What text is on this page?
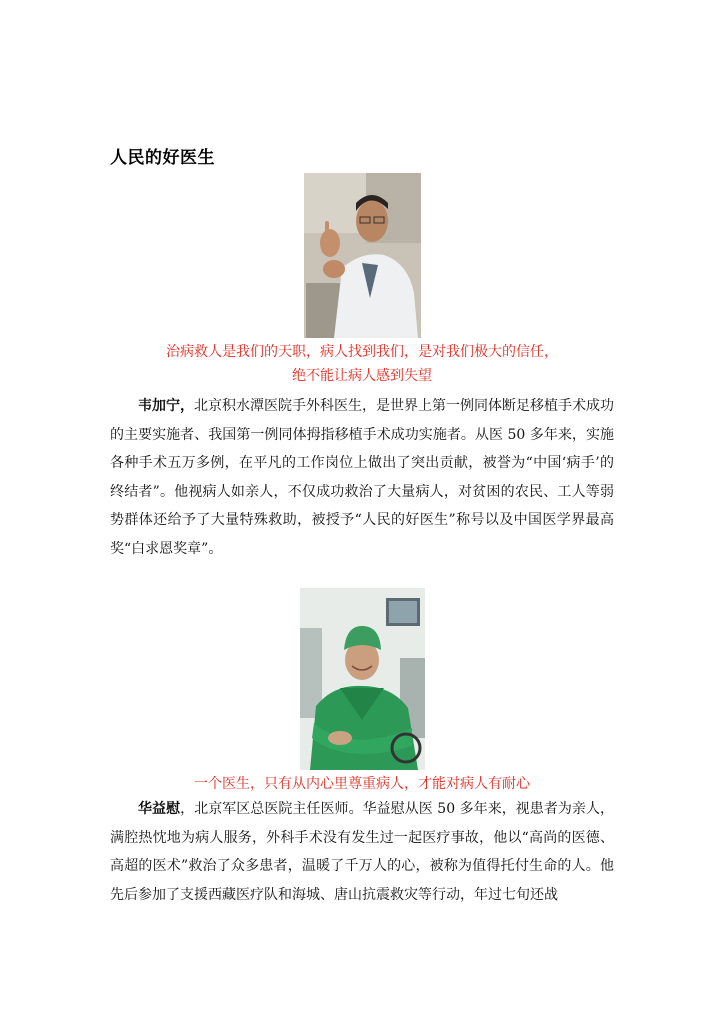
人民的好医生
治病救人是我们的天职，病人找到我们，是对我们极大的信任，
绝不能让病人感到失望
韦加宁，北京积水潭医院手外科医生，是世界上第一例同体断足移植手术成功的主要实施者、我国第一例同体拇指移植手术成功实施者。从医 50 多年来，实施各种手术五万多例，在平凡的工作岗位上做出了突出贡献，被誉为“中国‘病手’的终结者”。他视病人如亲人，不仅成功救治了大量病人，对贫困的农民、工人等弱势群体还给予了大量特殊救助，被授予“人民的好医生”称号以及中国医学界最高奖“白求恩奖章”。
一个医生，只有从内心里尊重病人，才能对病人有耐心
华益慰，北京军区总医院主任医师。华益慰从医 50 多年来，视患者为亲人，满腔热忱地为病人服务，外科手术没有发生过一起医疗事故，他以“高尚的医德、高超的医术”救治了众多患者，温暖了千万人的心，被称为值得托付生命的人。他先后参加了支援西藏医疗队和海城、唐山抗震救灾等行动，年过七旬还战
